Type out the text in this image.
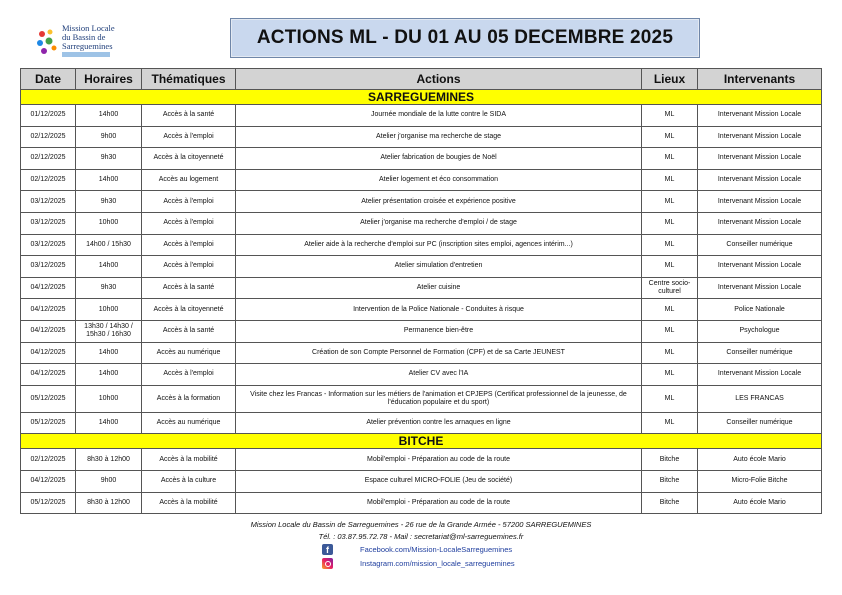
Mission Locale
du Bassin de
Sarreguemines	ACTIONS ML - DU 01 AU 05 DECEMBRE 2025
Date	Horaires	Thématiques	Actions	Lieux	Intervenants
SARREGUEMINES					
01/12/2025	14h00	Accès à la santé	Journée mondiale de la lutte contre le SIDA	ML	Intervenant Mission Locale
02/12/2025	9h00	Accès à l'emploi	Atelier j'organise ma recherche de stage	ML	Intervenant Mission Locale
02/12/2025	9h30	Accès à la citoyenneté	Atelier fabrication de bougies de Noël	ML	Intervenant Mission Locale
02/12/2025	14h00	Accès au logement	Atelier logement et éco consommation	ML	Intervenant Mission Locale
03/12/2025	9h30	Accès à l'emploi	Atelier présentation croisée et expérience positive	ML	Intervenant Mission Locale
03/12/2025	10h00	Accès à l'emploi	Atelier j'organise ma recherche d'emploi / de stage	ML	Intervenant Mission Locale
03/12/2025	14h00 / 15h30	Accès à l'emploi	Atelier aide à la recherche d'emploi sur PC (inscription sites emploi, agences intérim...)	ML	Conseiller numérique
03/12/2025	14h00	Accès à l'emploi	Atelier simulation d'entretien	ML	Intervenant Mission Locale
04/12/2025	9h30	Accès à la santé	Atelier cuisine	Centre socio-culturel	Intervenant Mission Locale
04/12/2025	10h00	Accès à la citoyenneté	Intervention de la Police Nationale - Conduites à risque	ML	Police Nationale
04/12/2025	13h30 / 14h30 / 15h30 / 16h30	Accès à la santé	Permanence bien-être	ML	Psychologue
04/12/2025	14h00	Accès au numérique	Création de son Compte Personnel de Formation (CPF) et de sa Carte JEUNEST	ML	Conseiller numérique
04/12/2025	14h00	Accès à l'emploi	Atelier CV avec l'IA	ML	Intervenant Mission Locale
05/12/2025	10h00	Accès à la formation	Visite chez les Francas - Information sur les métiers de l'animation et CPJEPS (Certificat professionnel de la jeunesse, de l'éducation populaire et du sport)	ML	LES FRANCAS
05/12/2025	14h00	Accès au numérique	Atelier prévention contre les arnaques en ligne	ML	Conseiller numérique
BITCHE					
02/12/2025	8h30 à 12h00	Accès à la mobilité	Mobil'emploi - Préparation au code de la route	Bitche	Auto école Mario
04/12/2025	9h00	Accès à la culture	Espace culturel MICRO-FOLIE (Jeu de société)	Bitche	Micro-Folie Bitche
05/12/2025	8h30 à 12h00	Accès à la mobilité	Mobil'emploi - Préparation au code de la route	Bitche	Auto école Mario
Mission Locale du Bassin de Sarreguemines - 26 rue de la Grande Armée - 57200 SARREGUEMINES
Tél. : 03.87.95.72.78 - Mail : secretariat@ml-sarreguemines.fr
f	Facebook.com/Mission-LocaleSarreguemines
Instagram.com/mission_locale_sarreguemines
